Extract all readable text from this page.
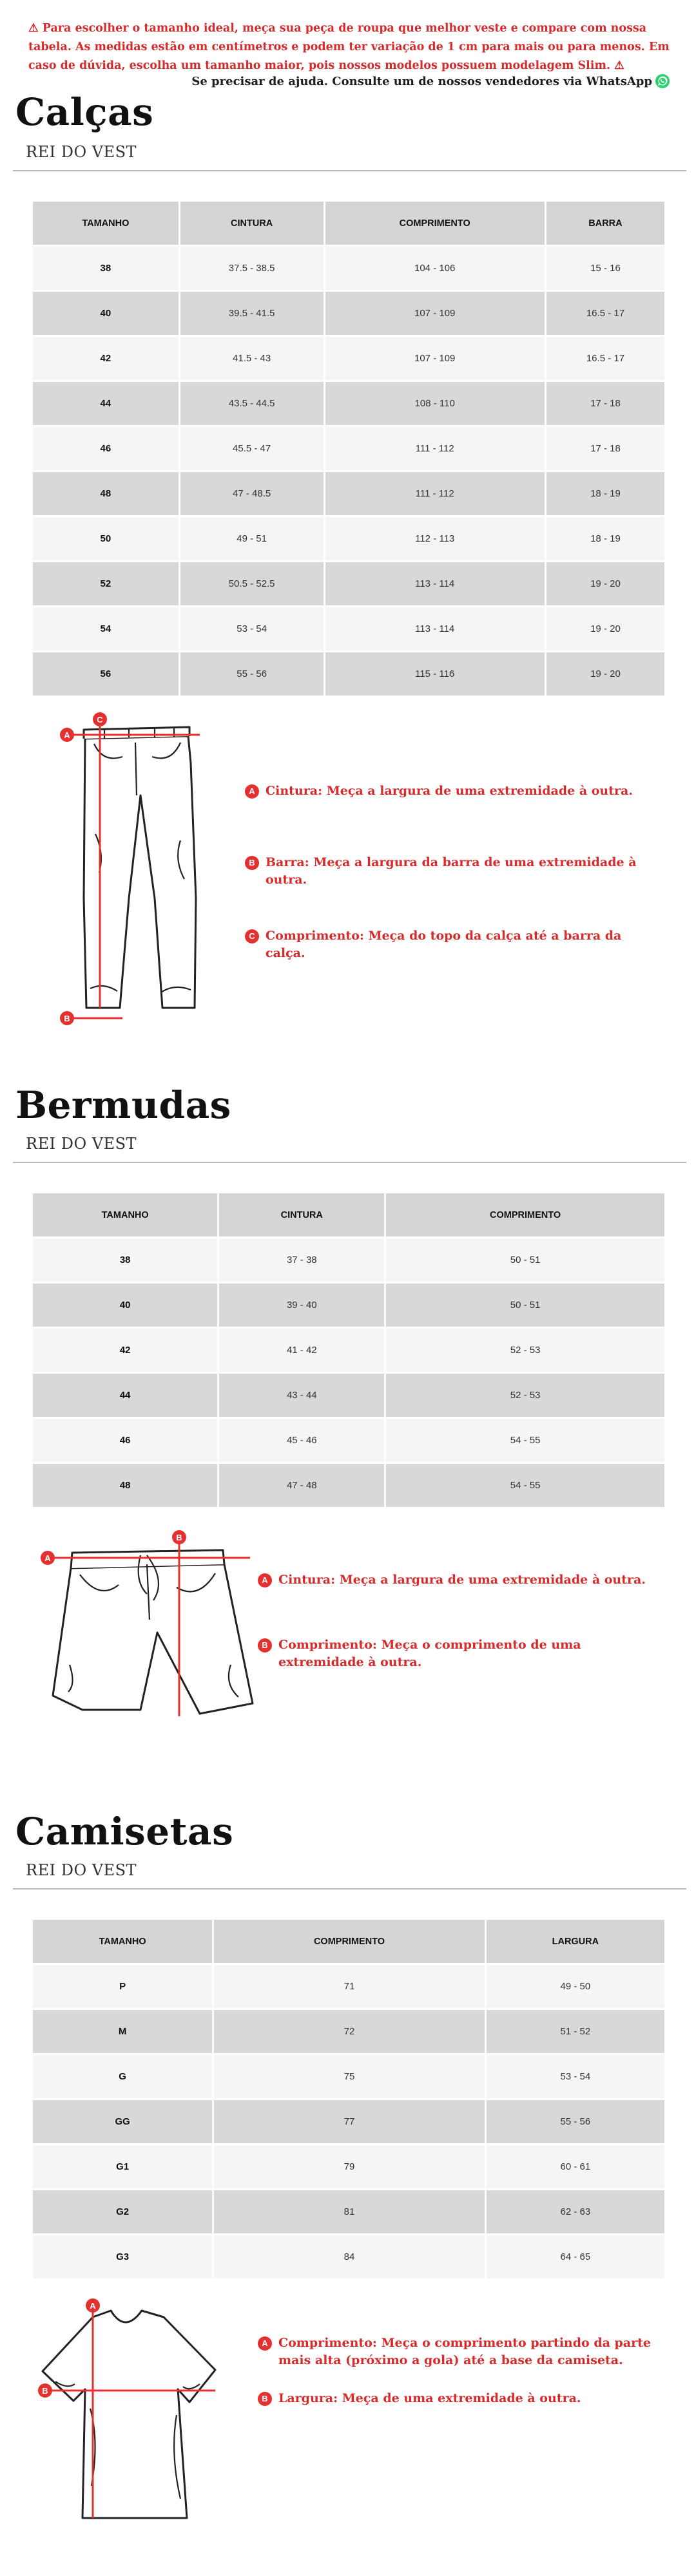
⚠ Para escolher o tamanho ideal, meça sua peça de roupa que melhor veste e compare com nossa tabela. As medidas estão em centímetros e podem ter variação de 1 cm para mais ou para menos. Em caso de dúvida, escolha um tamanho maior, pois nossos modelos possuem modelagem Slim. ⚠
Se precisar de ajuda. Consulte um de nossos vendedores via WhatsApp
Calças
REI DO VEST
TAMANHO	CINTURA	COMPRIMENTO	BARRA
38	37.5 - 38.5	104 - 106	15 - 16
40	39.5 - 41.5	107 - 109	16.5 - 17
42	41.5 - 43	107 - 109	16.5 - 17
44	43.5 - 44.5	108 - 110	17 - 18
46	45.5 - 47	111 - 112	17 - 18
48	47 - 48.5	111 - 112	18 - 19
50	49 - 51	112 - 113	18 - 19
52	50.5 - 52.5	113 - 114	19 - 20
54	53 - 54	113 - 114	19 - 20
56	55 - 56	115 - 116	19 - 20
A
C
B
A Cintura: Meça a largura de uma extremidade à outra.
B Barra: Meça a largura da barra de uma extremidade à outra.
C Comprimento: Meça do topo da calça até a barra da calça.
Bermudas
REI DO VEST
TAMANHO	CINTURA	COMPRIMENTO
38	37 - 38	50 - 51
40	39 - 40	50 - 51
42	41 - 42	52 - 53
44	43 - 44	52 - 53
46	45 - 46	54 - 55
48	47 - 48	54 - 55
A
B
A Cintura: Meça a largura de uma extremidade à outra.
B Comprimento: Meça o comprimento de uma extremidade à outra.
Camisetas
REI DO VEST
TAMANHO	COMPRIMENTO	LARGURA
P	71	49 - 50
M	72	51 - 52
G	75	53 - 54
GG	77	55 - 56
G1	79	60 - 61
G2	81	62 - 63
G3	84	64 - 65
A
B
A Comprimento: Meça o comprimento partindo da parte mais alta (próximo a gola) até a base da camiseta.
B Largura: Meça de uma extremidade à outra.
